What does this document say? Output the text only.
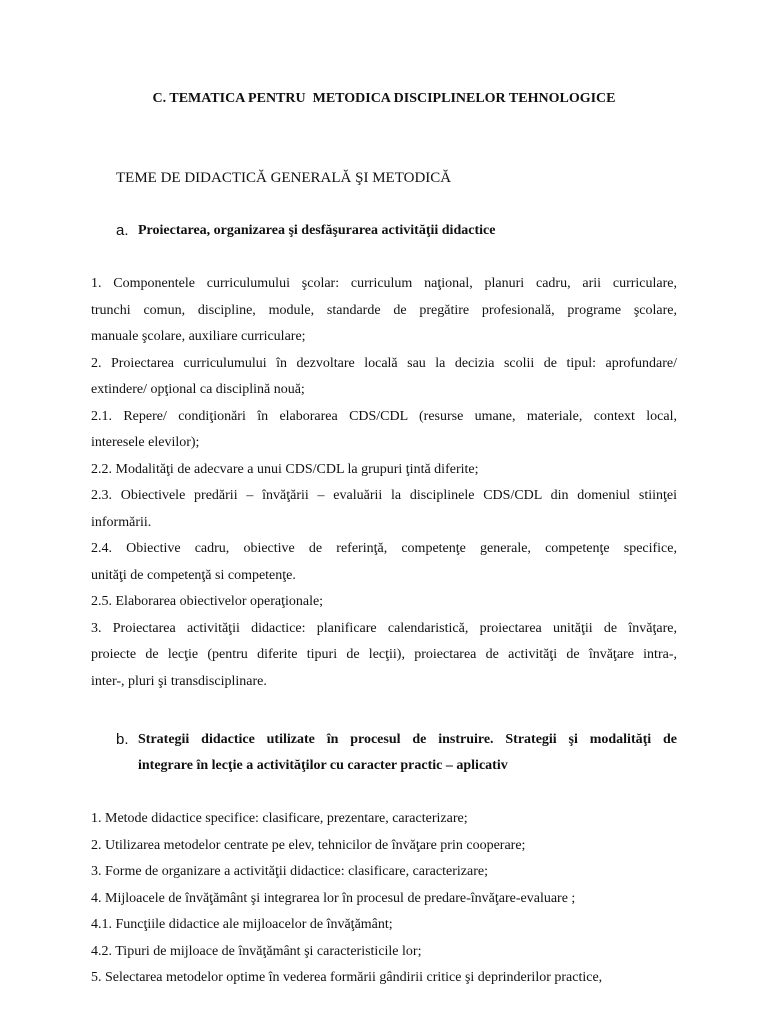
C. TEMATICA PENTRU  METODICA DISCIPLINELOR TEHNOLOGICE
TEME DE DIDACTICĂ GENERALĂ ŞI METODICĂ
a. Proiectarea, organizarea şi desfăşurarea activităţii didactice
1. Componentele curriculumului şcolar: curriculum naţional, planuri cadru, arii curriculare,
trunchi comun, discipline, module, standarde de pregătire profesională, programe şcolare,
manuale şcolare, auxiliare curriculare;
2. Proiectarea curriculumului în dezvoltare locală sau la decizia scolii de tipul: aprofundare/
extindere/ opţional ca disciplină nouă;
2.1. Repere/ condiţionări în elaborarea CDS/CDL (resurse umane, materiale, context local,
interesele elevilor);
2.2. Modalităţi de adecvare a unui CDS/CDL la grupuri ţintă diferite;
2.3. Obiectivele predării – învăţării – evaluării la disciplinele CDS/CDL din domeniul stiinţei
informării.
2.4. Obiective cadru, obiective de referinţă, competenţe generale, competenţe specifice,
unităţi de competenţă si competenţe.
2.5. Elaborarea obiectivelor operaţionale;
3. Proiectarea activităţii didactice: planificare calendaristică, proiectarea unităţii de învăţare,
proiecte de lecţie (pentru diferite tipuri de lecţii), proiectarea de activităţi de învăţare intra-,
inter-, pluri şi transdisciplinare.
b. Strategii didactice utilizate în procesul de instruire. Strategii şi modalităţi de
integrare în lecţie a activităţilor cu caracter practic – aplicativ
1. Metode didactice specifice: clasificare, prezentare, caracterizare;
2. Utilizarea metodelor centrate pe elev, tehnicilor de învăţare prin cooperare;
3. Forme de organizare a activităţii didactice: clasificare, caracterizare;
4. Mijloacele de învăţământ şi integrarea lor în procesul de predare-învăţare-evaluare ;
4.1. Funcţiile didactice ale mijloacelor de învăţământ;
4.2. Tipuri de mijloace de învăţământ şi caracteristicile lor;
5. Selectarea metodelor optime în vederea formării gândirii critice şi deprinderilor practice,
